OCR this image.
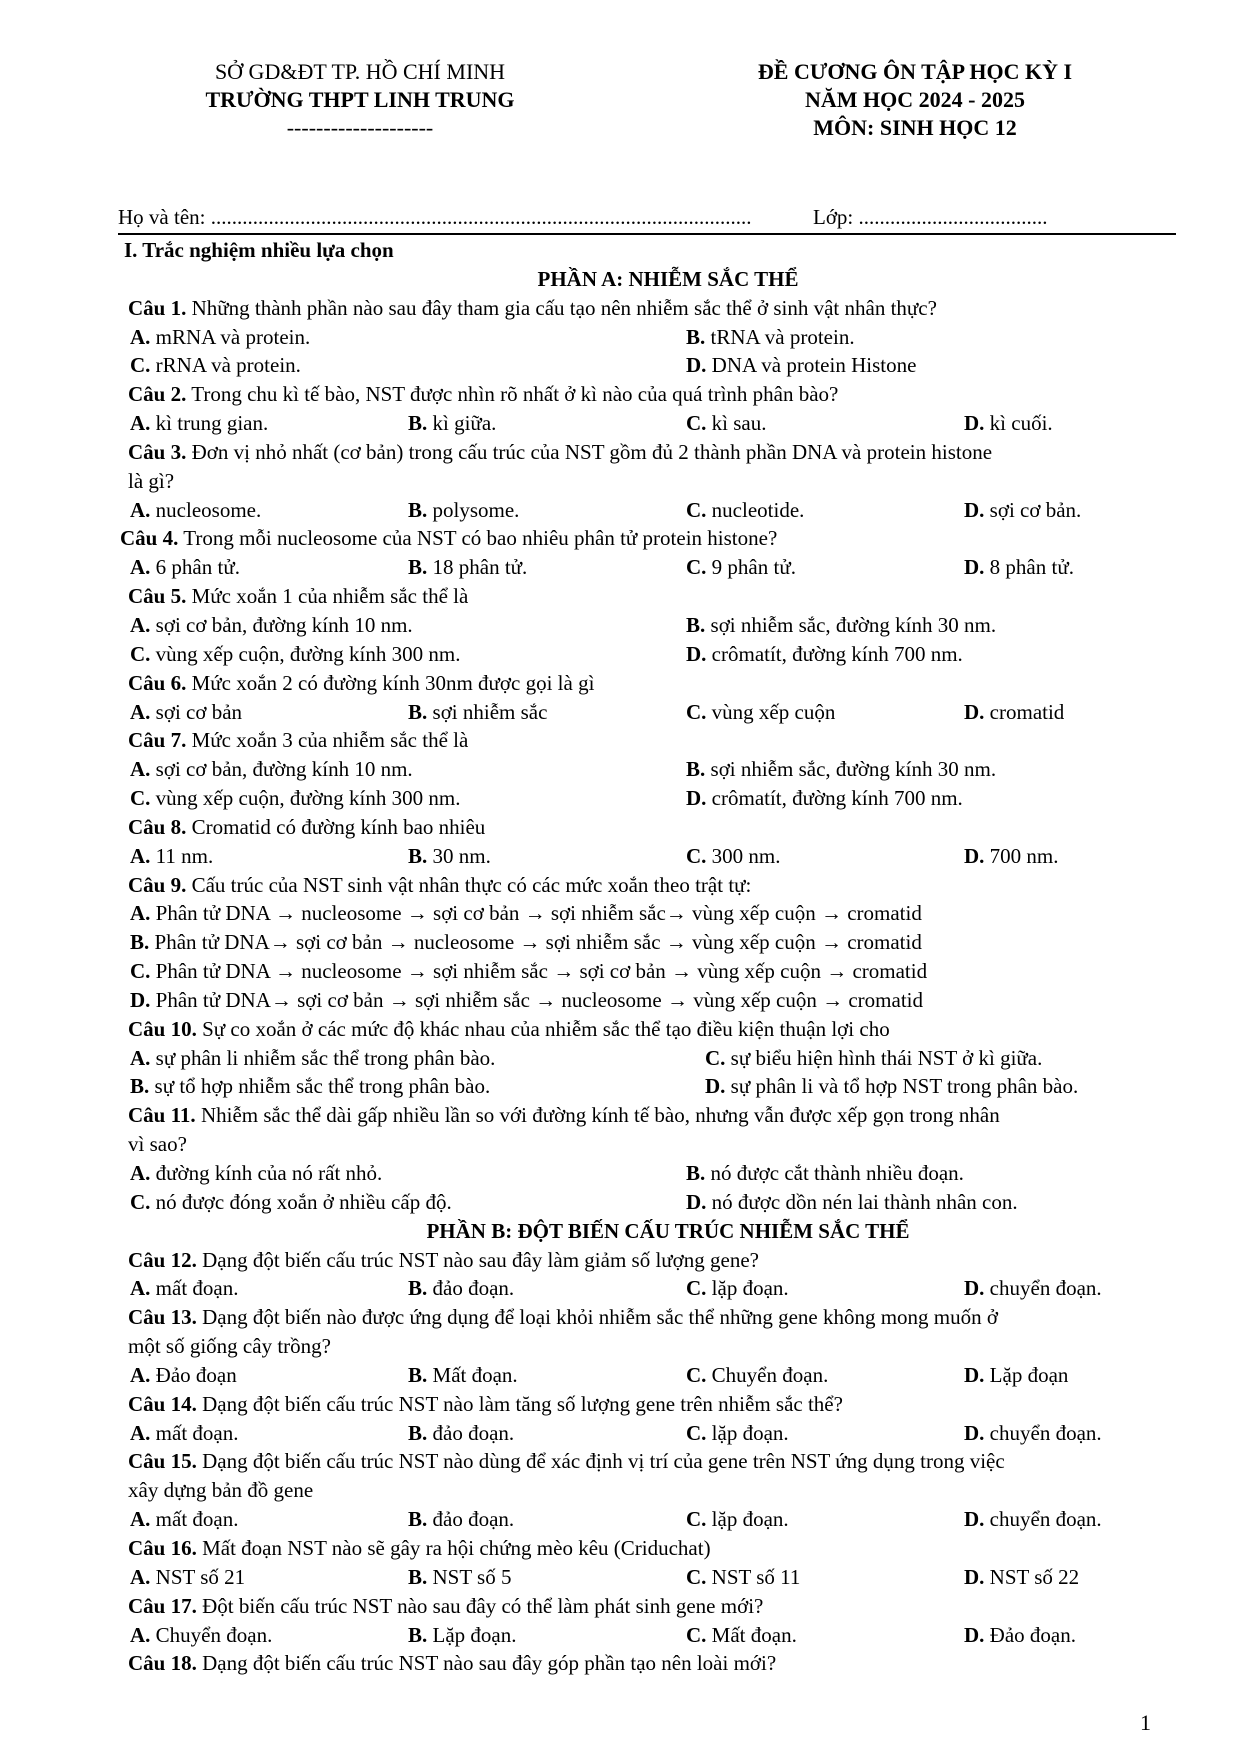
SỞ GD&ĐT TP. HỒ CHÍ MINH
TRƯỜNG THPT LINH TRUNG
--------------------
ĐỀ CƯƠNG ÔN TẬP HỌC KỲ I
NĂM HỌC 2024 - 2025
MÔN: SINH HỌC 12
Họ và tên: .......................................................................................................	Lớp: ....................................
I. Trắc nghiệm nhiều lựa chọn
PHẦN A: NHIỄM SẮC THỂ
Câu 1. Những thành phần nào sau đây tham gia cấu tạo nên nhiễm sắc thể ở sinh vật nhân thực?
A. mRNA và protein.	B. tRNA và protein.
C. rRNA và protein.	D. DNA và protein Histone
Câu 2. Trong chu kì tế bào, NST được nhìn rõ nhất ở kì nào của quá trình phân bào?
A. kì trung gian.	B. kì giữa.	C. kì sau.	D. kì cuối.
Câu 3. Đơn vị nhỏ nhất (cơ bản) trong cấu trúc của NST gồm đủ 2 thành phần DNA và protein histone
là gì?
A. nucleosome.	B. polysome.	C. nucleotide.	D. sợi cơ bản.
Câu 4. Trong mỗi nucleosome của NST có bao nhiêu phân tử protein histone?
A. 6 phân tử.	B. 18 phân tử.	C. 9 phân tử.	D. 8 phân tử.
Câu 5. Mức xoắn 1 của nhiễm sắc thể là
A. sợi cơ bản, đường kính 10 nm.	B. sợi nhiễm sắc, đường kính 30 nm.
C. vùng xếp cuộn, đường kính 300 nm.	D. crômatít, đường kính 700 nm.
Câu 6. Mức xoắn 2 có đường kính 30nm được gọi là gì
A. sợi cơ bản	B. sợi nhiễm sắc	C. vùng xếp cuộn	D. cromatid
Câu 7. Mức xoắn 3 của nhiễm sắc thể là
A. sợi cơ bản, đường kính 10 nm.	B. sợi nhiễm sắc, đường kính 30 nm.
C. vùng xếp cuộn, đường kính 300 nm.	D. crômatít, đường kính 700 nm.
Câu 8. Cromatid có đường kính bao nhiêu
A. 11 nm.	B. 30 nm.	C. 300 nm.	D. 700 nm.
Câu 9. Cấu trúc của NST sinh vật nhân thực có các mức xoắn theo trật tự:
A. Phân tử DNA → nucleosome → sợi cơ bản → sợi nhiễm sắc→ vùng xếp cuộn → cromatid
B. Phân tử DNA→ sợi cơ bản → nucleosome → sợi nhiễm sắc → vùng xếp cuộn → cromatid
C. Phân tử DNA → nucleosome → sợi nhiễm sắc → sợi cơ bản → vùng xếp cuộn → cromatid
D. Phân tử DNA→ sợi cơ bản → sợi nhiễm sắc → nucleosome → vùng xếp cuộn → cromatid
Câu 10. Sự co xoắn ở các mức độ khác nhau của nhiễm sắc thể tạo điều kiện thuận lợi cho
A. sự phân li nhiễm sắc thể trong phân bào.	C. sự biểu hiện hình thái NST ở kì giữa.
B. sự tổ hợp nhiễm sắc thể trong phân bào.	D. sự phân li và tổ hợp NST trong phân bào.
Câu 11. Nhiễm sắc thể dài gấp nhiều lần so với đường kính tế bào, nhưng vẫn được xếp gọn trong nhân
vì sao?
A. đường kính của nó rất nhỏ.	B. nó được cắt thành nhiều đoạn.
C. nó được đóng xoắn ở nhiều cấp độ.	D. nó được dồn nén lai thành nhân con.
PHẦN B: ĐỘT BIẾN CẤU TRÚC NHIỄM SẮC THỂ
Câu 12. Dạng đột biến cấu trúc NST nào sau đây làm giảm số lượng gene?
A. mất đoạn.	B. đảo đoạn.	C. lặp đoạn.	D. chuyển đoạn.
Câu 13. Dạng đột biến nào được ứng dụng để loại khỏi nhiễm sắc thể những gene không mong muốn ở
một số giống cây trồng?
A. Đảo đoạn	B. Mất đoạn.	C. Chuyển đoạn.	D. Lặp đoạn
Câu 14. Dạng đột biến cấu trúc NST nào làm tăng số lượng gene trên nhiễm sắc thể?
A. mất đoạn.	B. đảo đoạn.	C. lặp đoạn.	D. chuyển đoạn.
Câu 15. Dạng đột biến cấu trúc NST nào dùng để xác định vị trí của gene trên NST ứng dụng trong việc
xây dựng bản đồ gene
A. mất đoạn.	B. đảo đoạn.	C. lặp đoạn.	D. chuyển đoạn.
Câu 16. Mất đoạn NST nào sẽ gây ra hội chứng mèo kêu (Criduchat)
A. NST số 21	B. NST số 5	C. NST số 11	D. NST số 22
Câu 17. Đột biến cấu trúc NST nào sau đây có thể làm phát sinh gene mới?
A. Chuyển đoạn.	B. Lặp đoạn.	C. Mất đoạn.	D. Đảo đoạn.
Câu 18. Dạng đột biến cấu trúc NST nào sau đây góp phần tạo nên loài mới?
1
